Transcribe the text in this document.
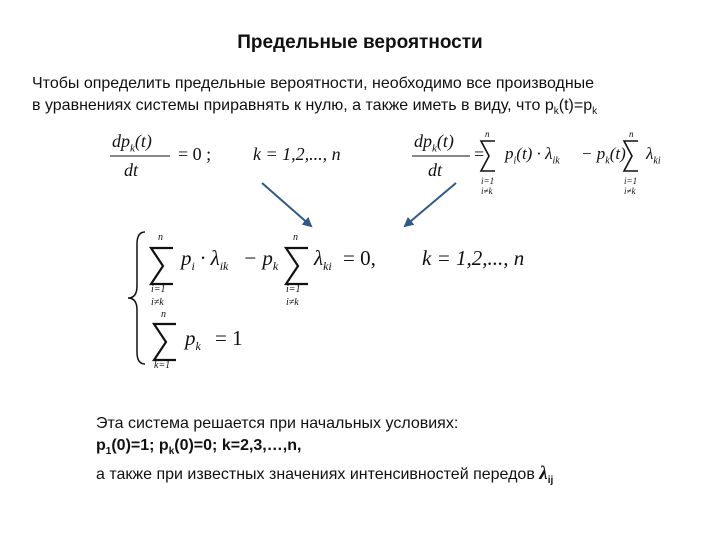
Предельные вероятности
Чтобы определить предельные вероятности, необходимо все производные
в уравнениях системы приравнять к нулю, а также иметь в виду, что $p_k(t)=p_k$
$dp_k(t)$
dt
= 0 ; k = 1,2,..., n
$dp_k(t)$
dt
=
n
i=1
i≠k
$p_i(t) \cdot \lambda_{ik} - p_k(t)$
n
i=1
i≠k
$\lambda_{ki}$
n
i=1
i≠k
$p_i \cdot \lambda_{ik} - p_k$
n
i=1
i≠k
$\lambda_{ki} = 0$, k = 1,2,..., n
n
k=1
$p_k = 1$
Эта система решается при начальных условиях:
$p_1(0)=1$; $p_k(0)=0$; k=2,3,…,n,
а также при известных значениях интенсивностей передов $\lambda_{ij}$
